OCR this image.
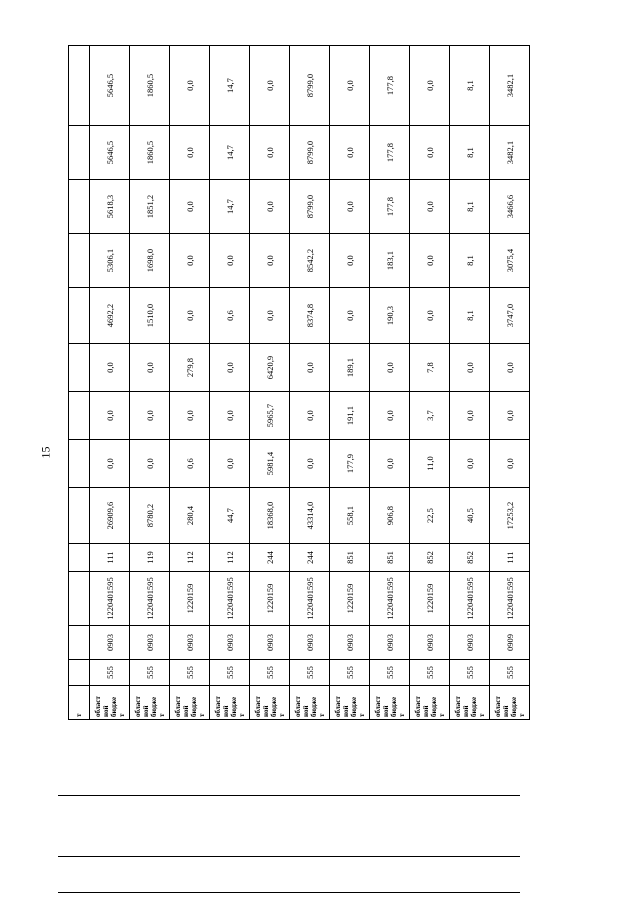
15
т													
област
ной
бюдже
т	555	0903	1220401595	111	26909,6	0,0	0,0	0,0	4692,2	5306,1	5618,3	5646,5	5646,5
област
ной
бюдже
т	555	0903	1220401595	119	8780,2	0,0	0,0	0,0	1510,0	1698,0	1851,2	1860,5	1860,5
област
ной
бюдже
т	555	0903	1220159	112	280,4	0,6	0,0	279,8	0,0	0,0	0,0	0,0	0,0
област
ной
бюдже
т	555	0903	1220401595	112	44,7	0,0	0,0	0,0	0,6	0,0	14,7	14,7	14,7
област
ной
бюдже
т	555	0903	1220159	244	18368,0	5981,4	5965,7	6420,9	0,0	0,0	0,0	0,0	0,0
област
ной
бюдже
т	555	0903	1220401595	244	43314,0	0,0	0,0	0,0	8374,8	8542,2	8799,0	8799,0	8799,0
област
ной
бюдже
т	555	0903	1220159	851	558,1	177,9	191,1	189,1	0,0	0,0	0,0	0,0	0,0
област
ной
бюдже
т	555	0903	1220401595	851	906,8	0,0	0,0	0,0	190,3	183,1	177,8	177,8	177,8
област
ной
бюдже
т	555	0903	1220159	852	22,5	11,0	3,7	7,8	0,0	0,0	0,0	0,0	0,0
област
ной
бюдже
т	555	0903	1220401595	852	40,5	0,0	0,0	0,0	8,1	8,1	8,1	8,1	8,1
област
ной
бюдже
т	555	0909	1220401595	111	17253,2	0,0	0,0	0,0	3747,0	3075,4	3466,6	3482,1	3482,1
